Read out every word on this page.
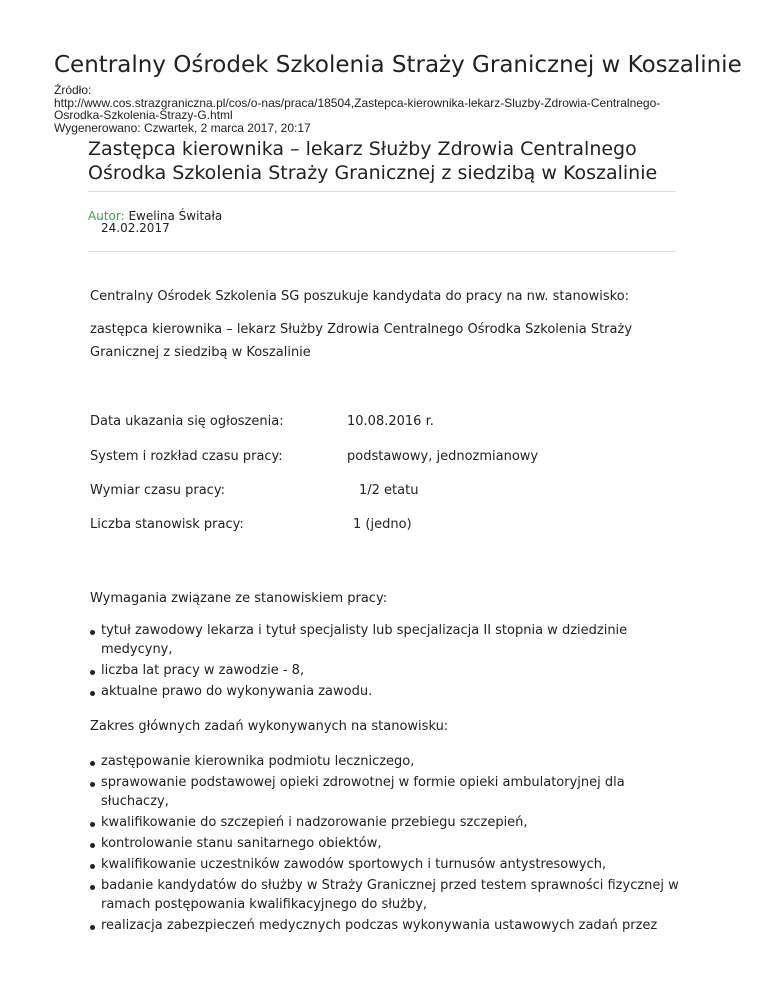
Centralny Ośrodek Szkolenia Straży Granicznej w Koszalinie
Źródło:
http://www.cos.strazgraniczna.pl/cos/o-nas/praca/18504,Zastepca-kierownika-lekarz-Sluzby-Zdrowia-Centralnego-
Osrodka-Szkolenia-Strazy-G.html
Wygenerowano: Czwartek, 2 marca 2017, 20:17
Zastępca kierownika – lekarz Służby Zdrowia Centralnego
Ośrodka Szkolenia Straży Granicznej z siedzibą w Koszalinie
Autor: Ewelina Świtała
24.02.2017
Centralny Ośrodek Szkolenia SG poszukuje kandydata do pracy na nw. stanowisko:
zastępca kierownika – lekarz Służby Zdrowia Centralnego Ośrodka Szkolenia Straży
Granicznej z siedzibą w Koszalinie
Data ukazania się ogłoszenia:	10.08.2016 r.
System i rozkład czasu pracy:	podstawowy, jednozmianowy
Wymiar czasu pracy:	1/2 etatu
Liczba stanowisk pracy:	1 (jedno)
Wymagania związane ze stanowiskiem pracy:
tytuł zawodowy lekarza i tytuł specjalisty lub specjalizacja II stopnia w dziedzinie medycyny,
liczba lat pracy w zawodzie - 8,
aktualne prawo do wykonywania zawodu.
Zakres głównych zadań wykonywanych na stanowisku:
zastępowanie kierownika podmiotu leczniczego,
sprawowanie podstawowej opieki zdrowotnej w formie opieki ambulatoryjnej dla słuchaczy,
kwalifikowanie do szczepień i nadzorowanie przebiegu szczepień,
kontrolowanie stanu sanitarnego obiektów,
kwalifikowanie uczestników zawodów sportowych i turnusów antystresowych,
badanie kandydatów do służby w Straży Granicznej przed testem sprawności fizycznej w ramach postępowania kwalifikacyjnego do służby,
realizacja zabezpieczeń medycznych podczas wykonywania ustawowych zadań przez
